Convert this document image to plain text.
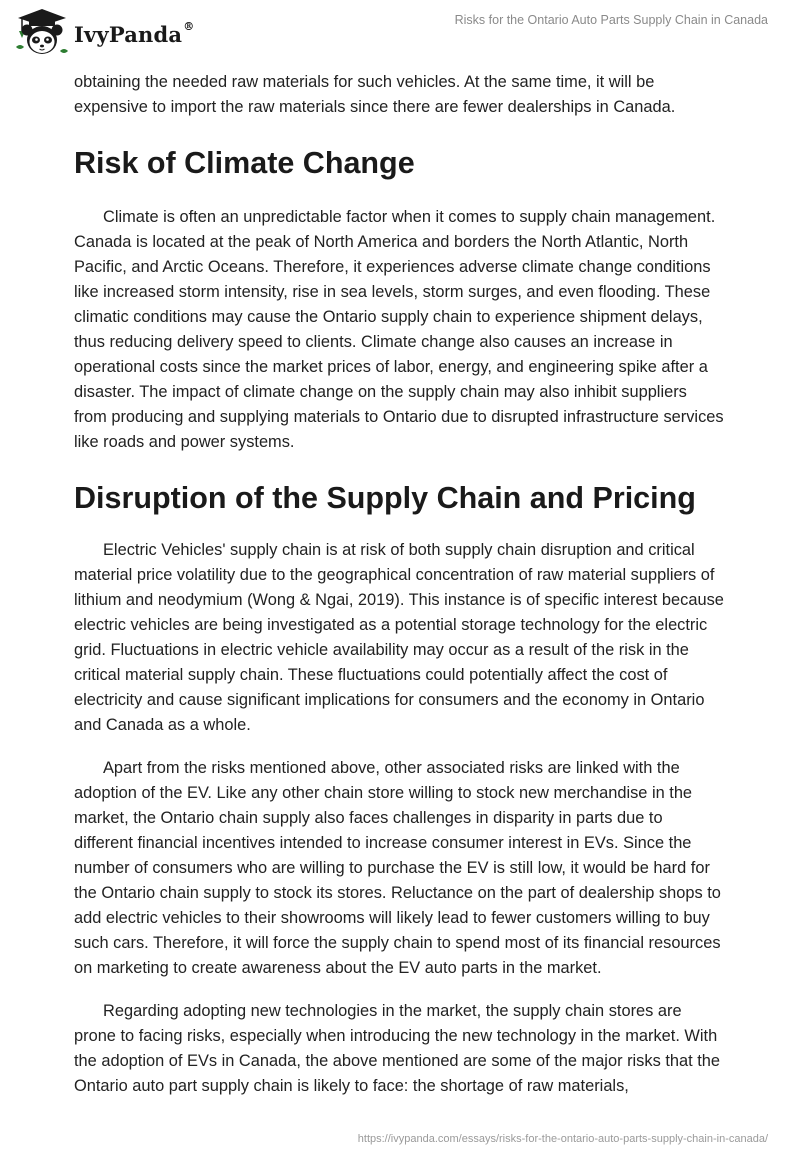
IvyPanda®	Risks for the Ontario Auto Parts Supply Chain in Canada

obtaining the needed raw materials for such vehicles. At the same time, it will be expensive to import the raw materials since there are fewer dealerships in Canada.

Risk of Climate Change

Climate is often an unpredictable factor when it comes to supply chain management. Canada is located at the peak of North America and borders the North Atlantic, North Pacific, and Arctic Oceans. Therefore, it experiences adverse climate change conditions like increased storm intensity, rise in sea levels, storm surges, and even flooding. These climatic conditions may cause the Ontario supply chain to experience shipment delays, thus reducing delivery speed to clients. Climate change also causes an increase in operational costs since the market prices of labor, energy, and engineering spike after a disaster. The impact of climate change on the supply chain may also inhibit suppliers from producing and supplying materials to Ontario due to disrupted infrastructure services like roads and power systems.

Disruption of the Supply Chain and Pricing

Electric Vehicles' supply chain is at risk of both supply chain disruption and critical material price volatility due to the geographical concentration of raw material suppliers of lithium and neodymium (Wong & Ngai, 2019). This instance is of specific interest because electric vehicles are being investigated as a potential storage technology for the electric grid. Fluctuations in electric vehicle availability may occur as a result of the risk in the critical material supply chain. These fluctuations could potentially affect the cost of electricity and cause significant implications for consumers and the economy in Ontario and Canada as a whole.

Apart from the risks mentioned above, other associated risks are linked with the adoption of the EV. Like any other chain store willing to stock new merchandise in the market, the Ontario chain supply also faces challenges in disparity in parts due to different financial incentives intended to increase consumer interest in EVs. Since the number of consumers who are willing to purchase the EV is still low, it would be hard for the Ontario chain supply to stock its stores. Reluctance on the part of dealership shops to add electric vehicles to their showrooms will likely lead to fewer customers willing to buy such cars. Therefore, it will force the supply chain to spend most of its financial resources on marketing to create awareness about the EV auto parts in the market.

Regarding adopting new technologies in the market, the supply chain stores are prone to facing risks, especially when introducing the new technology in the market. With the adoption of EVs in Canada, the above mentioned are some of the major risks that the Ontario auto part supply chain is likely to face: the shortage of raw materials,

https://ivypanda.com/essays/risks-for-the-ontario-auto-parts-supply-chain-in-canada/
